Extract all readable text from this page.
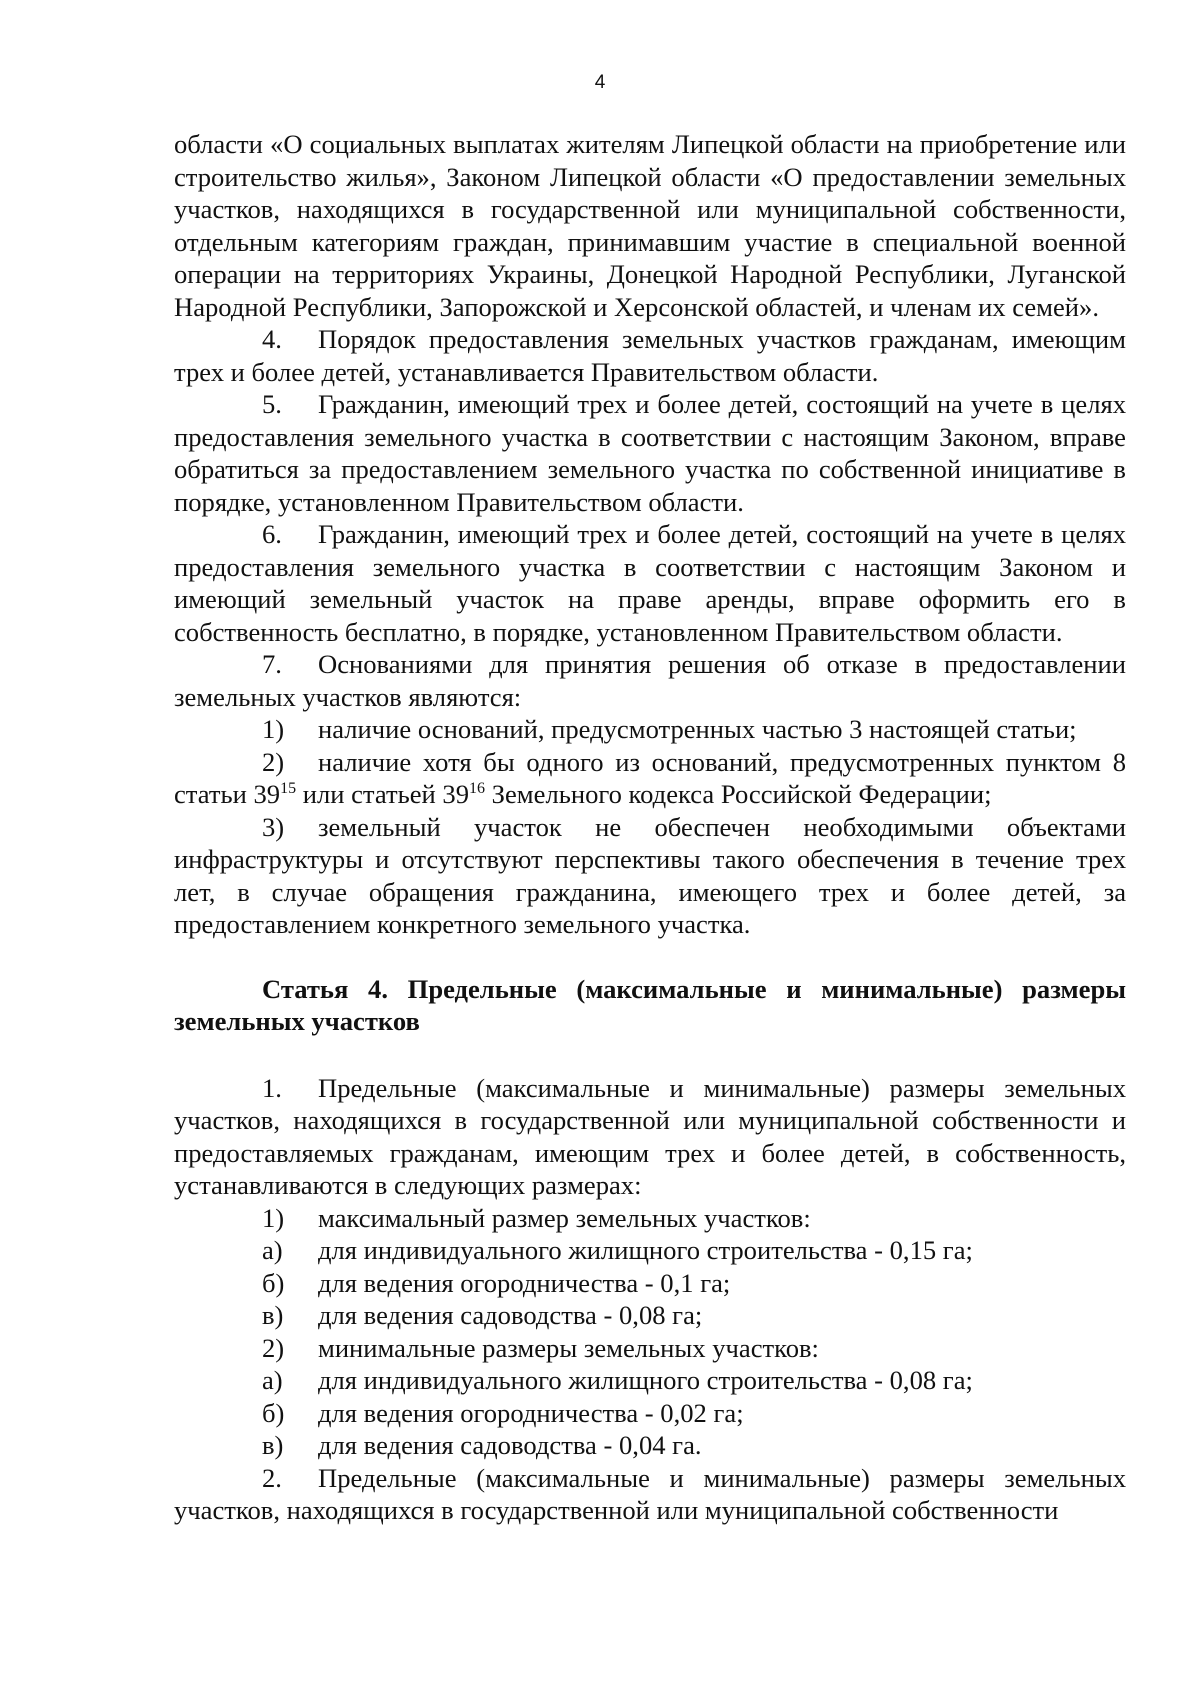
4

области «О социальных выплатах жителям Липецкой области на приобретение или строительство жилья», Законом Липецкой области «О предоставлении земельных участков, находящихся в государственной или муниципальной собственности, отдельным категориям граждан, принимавшим участие в специальной военной операции на территориях Украины, Донецкой Народной Республики, Луганской Народной Республики, Запорожской и Херсонской областей, и членам их семей».

4. Порядок предоставления земельных участков гражданам, имеющим трех и более детей, устанавливается Правительством области.

5. Гражданин, имеющий трех и более детей, состоящий на учете в целях предоставления земельного участка в соответствии с настоящим Законом, вправе обратиться за предоставлением земельного участка по собственной инициативе в порядке, установленном Правительством области.

6. Гражданин, имеющий трех и более детей, состоящий на учете в целях предоставления земельного участка в соответствии с настоящим Законом и имеющий земельный участок на праве аренды, вправе оформить его в собственность бесплатно, в порядке, установленном Правительством области.

7. Основаниями для принятия решения об отказе в предоставлении земельных участков являются:

1) наличие оснований, предусмотренных частью 3 настоящей статьи;

2) наличие хотя бы одного из оснований, предусмотренных пунктом 8 статьи $39^{15}$ или статьей $39^{16}$ Земельного кодекса Российской Федерации;

3) земельный участок не обеспечен необходимыми объектами инфраструктуры и отсутствуют перспективы такого обеспечения в течение трех лет, в случае обращения гражданина, имеющего трех и более детей, за предоставлением конкретного земельного участка.

Статья 4. Предельные (максимальные и минимальные) размеры земельных участков

1. Предельные (максимальные и минимальные) размеры земельных участков, находящихся в государственной или муниципальной собственности и предоставляемых гражданам, имеющим трех и более детей, в собственность, устанавливаются в следующих размерах:

1) максимальный размер земельных участков:

а) для индивидуального жилищного строительства - 0,15 га;

б) для ведения огородничества - 0,1 га;

в) для ведения садоводства - 0,08 га;

2) минимальные размеры земельных участков:

а) для индивидуального жилищного строительства - 0,08 га;

б) для ведения огородничества - 0,02 га;

в) для ведения садоводства - 0,04 га.

2. Предельные (максимальные и минимальные) размеры земельных участков, находящихся в государственной или муниципальной собственности
